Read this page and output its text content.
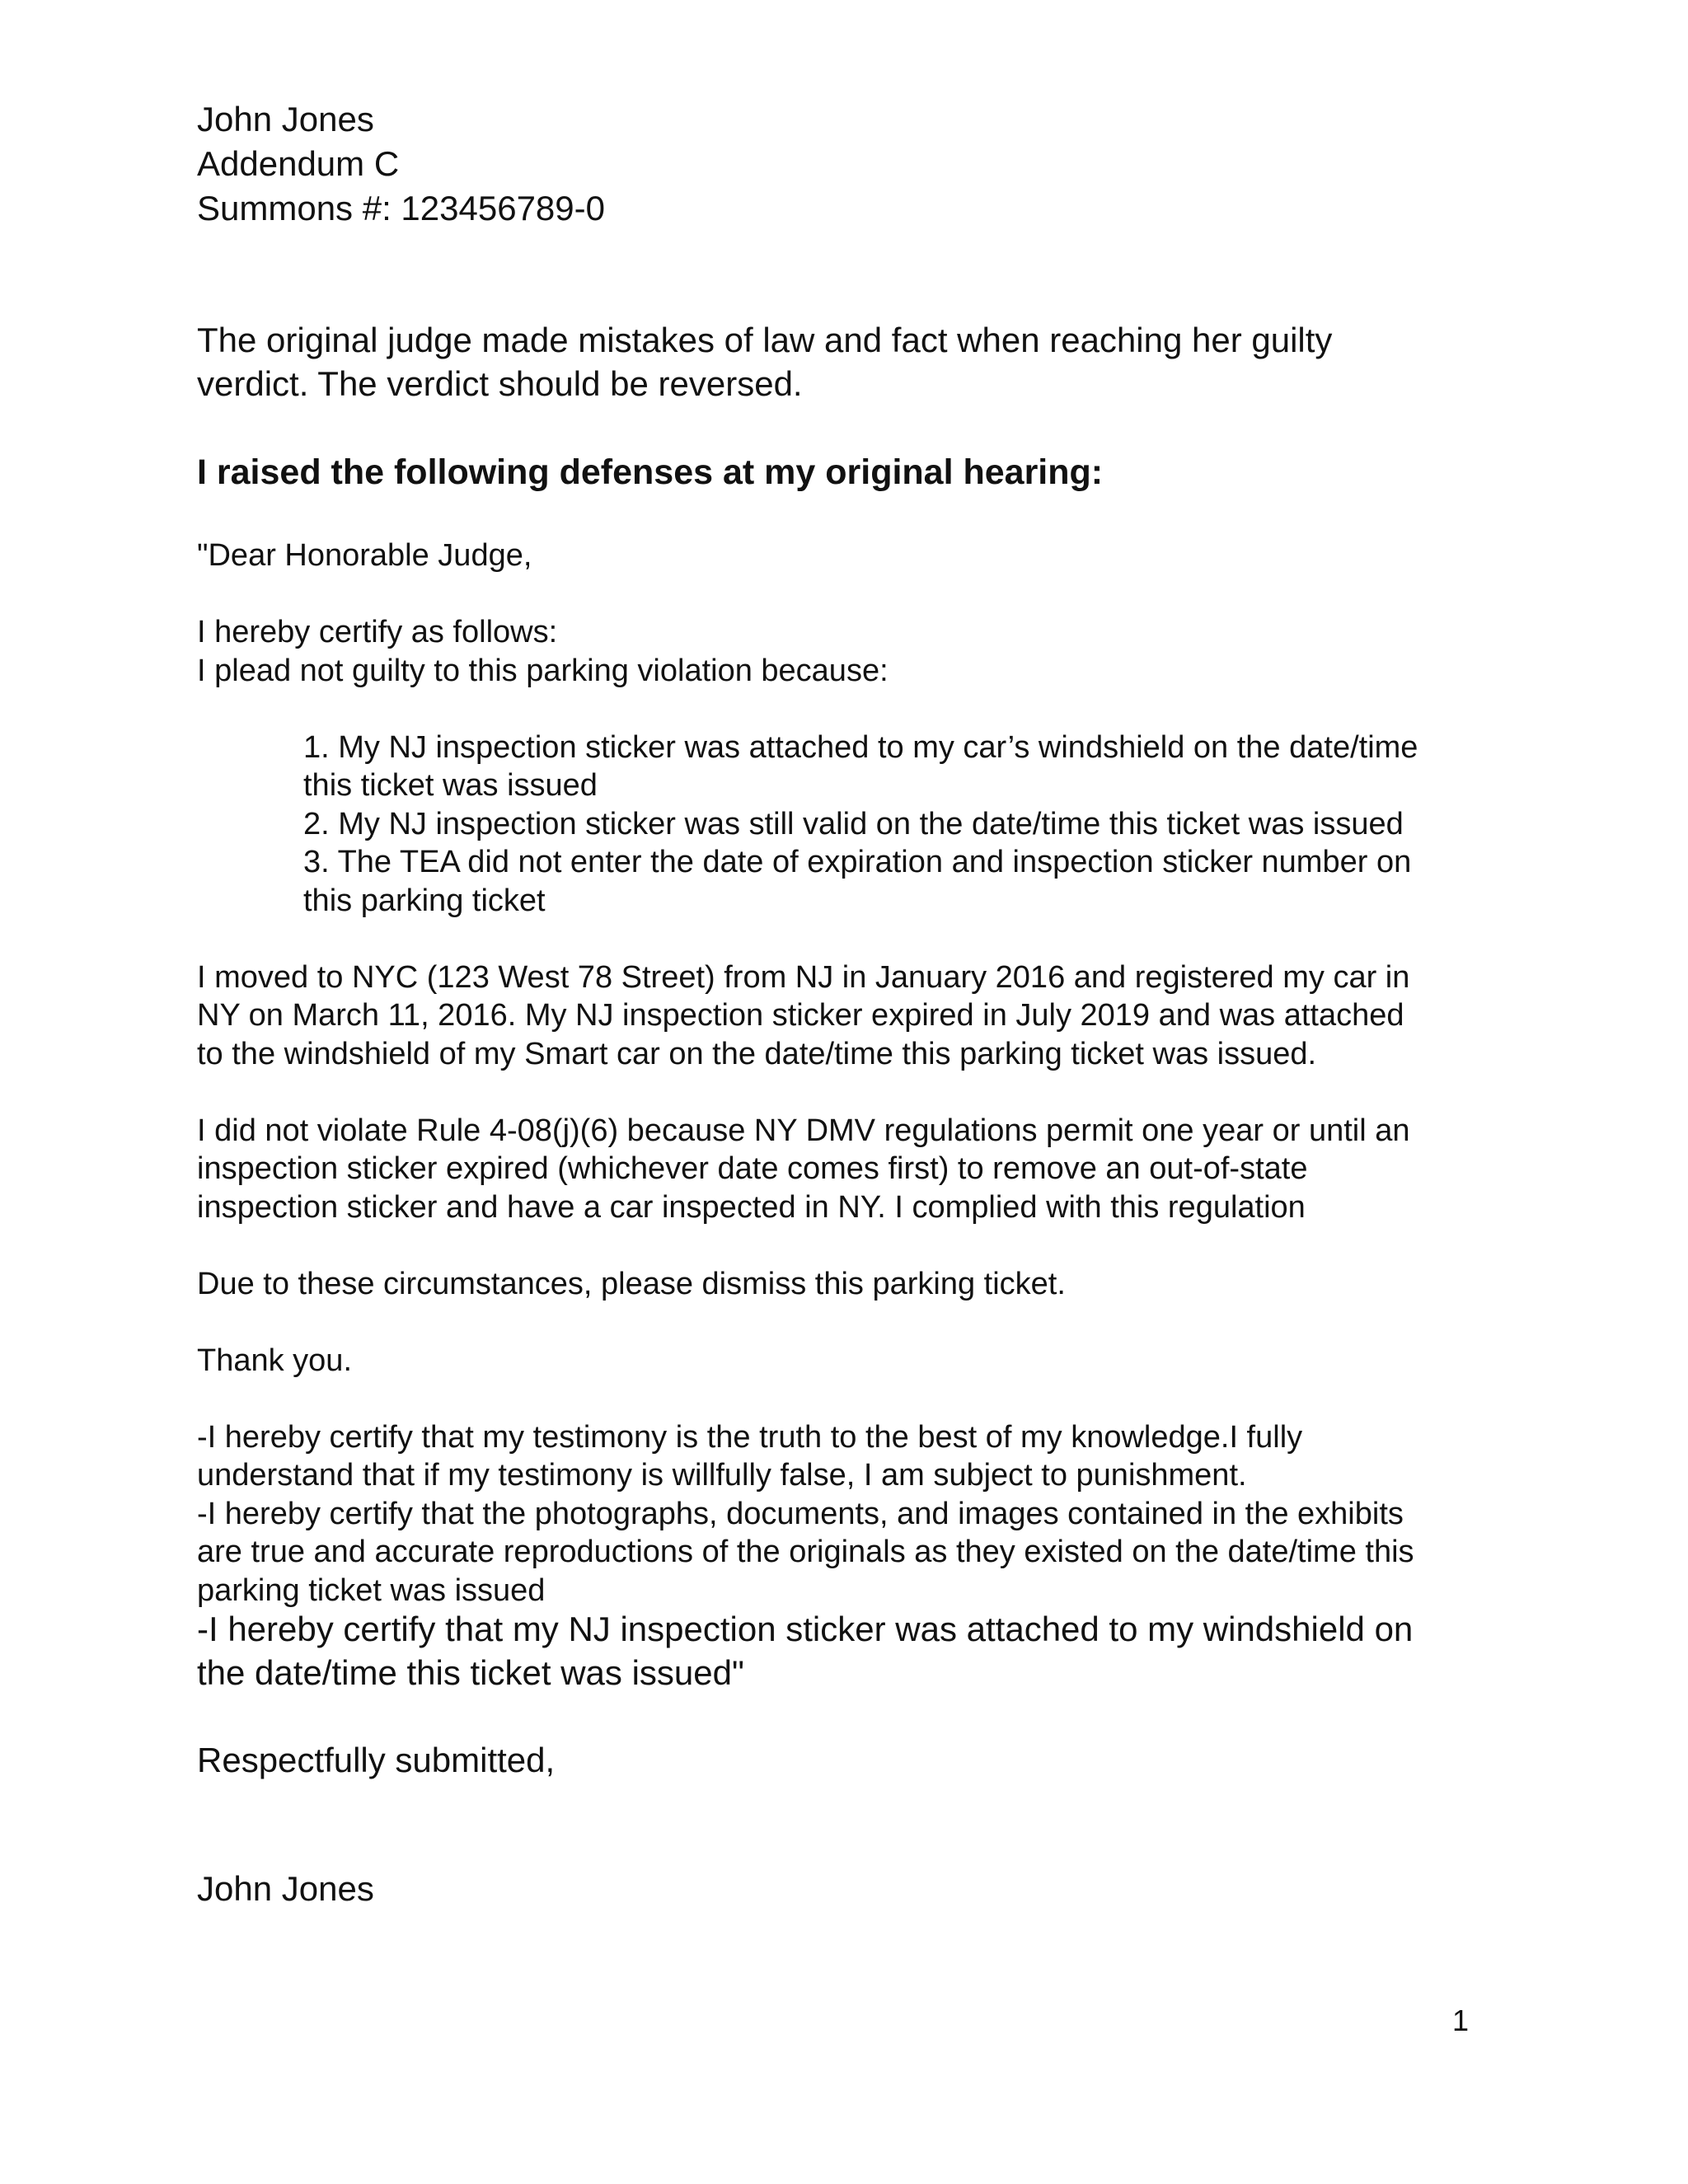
John Jones

Addendum C

Summons #: 123456789-0

The original judge made mistakes of law and fact when reaching her guilty

verdict. The verdict should be reversed.

I raised the following defenses at my original hearing:

"Dear Honorable Judge,

I hereby certify as follows:

I plead not guilty to this parking violation because:

1. My NJ inspection sticker was attached to my car’s windshield on the date/time

this ticket was issued

2. My NJ inspection sticker was still valid on the date/time this ticket was issued

3. The TEA did not enter the date of expiration and inspection sticker number on

this parking ticket

I moved to NYC (123 West 78 Street) from NJ in January 2016 and registered my car in

NY on March 11, 2016. My NJ inspection sticker expired in July 2019 and was attached

to the windshield of my Smart car on the date/time this parking ticket was issued.

I did not violate Rule 4-08(j)(6) because NY DMV regulations permit one year or until an

inspection sticker expired (whichever date comes first) to remove an out-of-state

inspection sticker and have a car inspected in NY. I complied with this regulation

Due to these circumstances, please dismiss this parking ticket.

Thank you.

-I hereby certify that my testimony is the truth to the best of my knowledge.I fully

understand that if my testimony is willfully false, I am subject to punishment.

-I hereby certify that the photographs, documents, and images contained in the exhibits

are true and accurate reproductions of the originals as they existed on the date/time this

parking ticket was issued

-I hereby certify that my NJ inspection sticker was attached to my windshield on

the date/time this ticket was issued"

Respectfully submitted,

John Jones

1
